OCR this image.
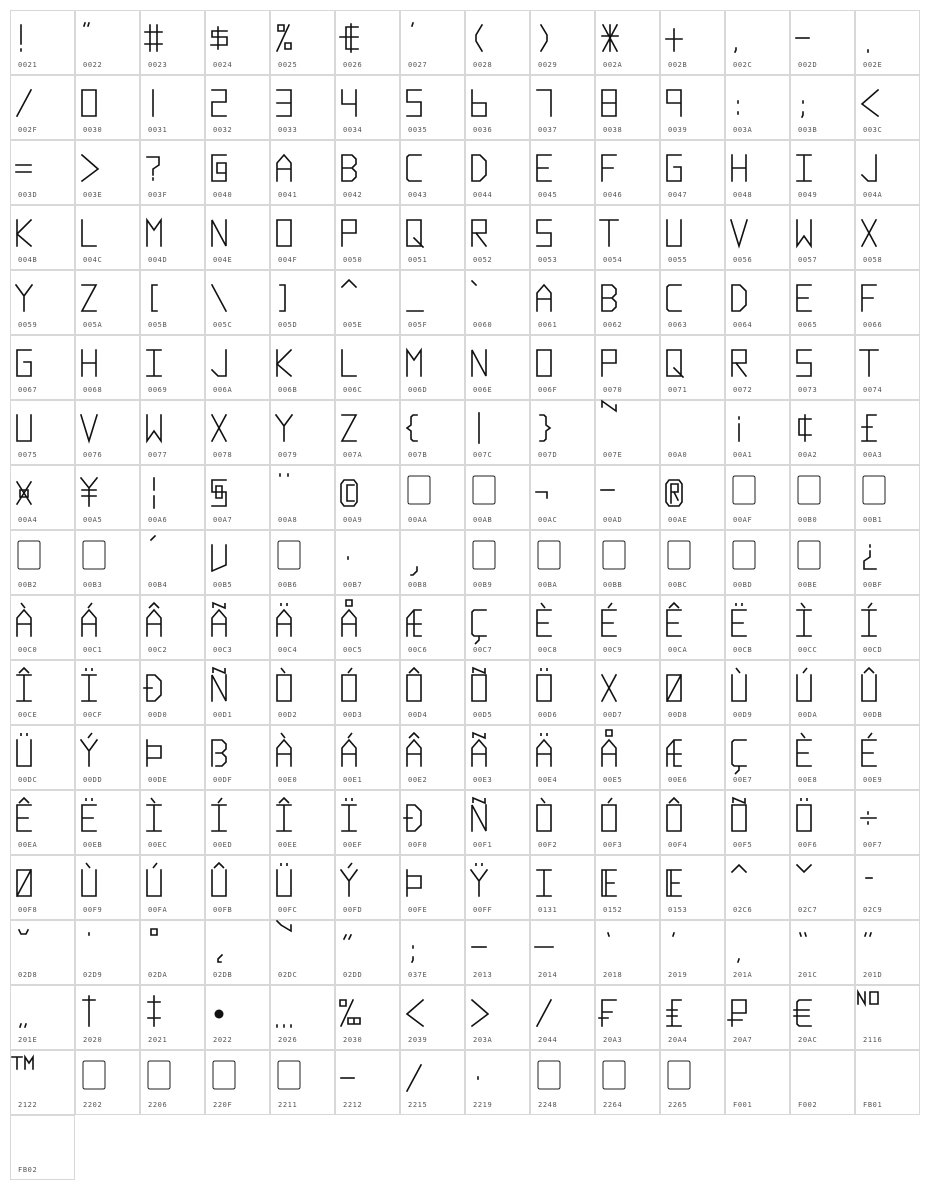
0021	0022	0023	0024	0025	0026	0027	0028	0029	002A	002B	002C	002D	002E
002F	0030	0031	0032	0033	0034	0035	0036	0037	0038	0039	003A	003B	003C
003D	003E	003F	0040	0041	0042	0043	0044	0045	0046	0047	0048	0049	004A
004B	004C	004D	004E	004F	0050	0051	0052	0053	0054	0055	0056	0057	0058
0059	005A	005B	005C	005D	005E	005F	0060	0061	0062	0063	0064	0065	0066
0067	0068	0069	006A	006B	006C	006D	006E	006F	0070	0071	0072	0073	0074
0075	0076	0077	0078	0079	007A	007B	007C	007D	007E	00A0	00A1	00A2	00A3
00A4	00A5	00A6	00A7	00A8	00A9	00AA	00AB	00AC	00AD	00AE	00AF	00B0	00B1
00B2	00B3	00B4	00B5	00B6	00B7	00B8	00B9	00BA	00BB	00BC	00BD	00BE	00BF
00C0	00C1	00C2	00C3	00C4	00C5	00C6	00C7	00C8	00C9	00CA	00CB	00CC	00CD
00CE	00CF	00D0	00D1	00D2	00D3	00D4	00D5	00D6	00D7	00D8	00D9	00DA	00DB
00DC	00DD	00DE	00DF	00E0	00E1	00E2	00E3	00E4	00E5	00E6	00E7	00E8	00E9
00EA	00EB	00EC	00ED	00EE	00EF	00F0	00F1	00F2	00F3	00F4	00F5	00F6	00F7
00F8	00F9	00FA	00FB	00FC	00FD	00FE	00FF	0131	0152	0153	02C6	02C7	02C9
02D8	02D9	02DA	02DB	02DC	02DD	037E	2013	2014	2018	2019	201A	201C	201D
201E	2020	2021	2022	2026	2030	2039	203A	2044	20A3	20A4	20A7	20AC	2116
2122	2202	2206	220F	2211	2212	2215	2219	2248	2264	2265	F001	F002	FB01
FB02
